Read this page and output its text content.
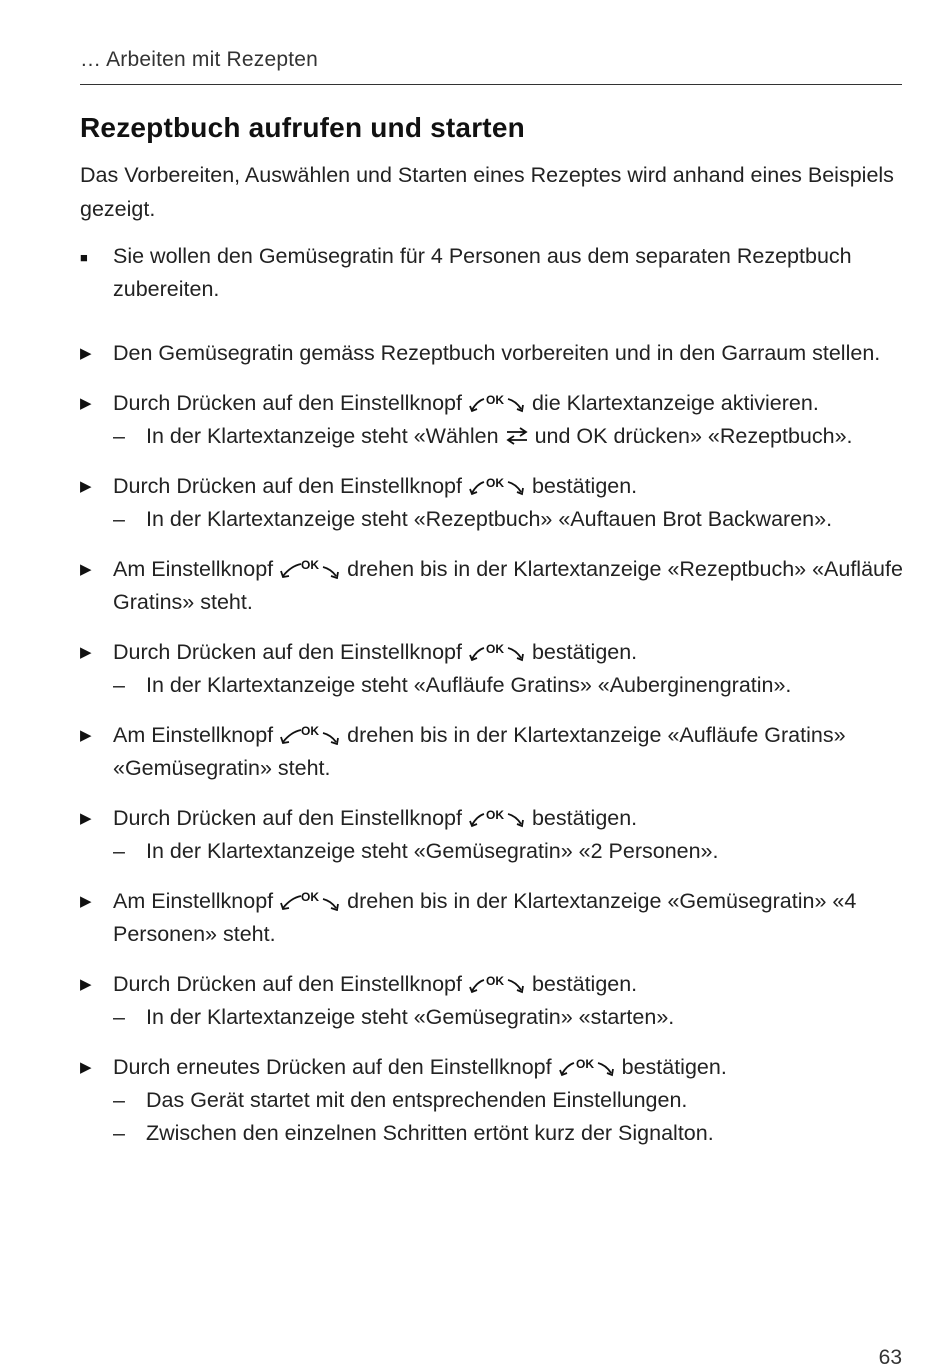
… Arbeiten mit Rezepten
Rezeptbuch aufrufen und starten

Das Vorbereiten, Auswählen und Starten eines Rezeptes wird anhand eines Beispiels gezeigt.

■ Sie wollen den Gemüsegratin für 4 Personen aus dem separaten Rezeptbuch zubereiten.
▶ Den Gemüsegratin gemäss Rezeptbuch vorbereiten und in den Garraum stellen.
▶ Durch Drücken auf den Einstellknopf OK die Klartextanzeige aktivieren.
– In der Klartextanzeige steht «Wählen und OK drücken» «Rezeptbuch».
▶ Durch Drücken auf den Einstellknopf OK bestätigen.
– In der Klartextanzeige steht «Rezeptbuch» «Auftauen Brot Backwaren».
▶ Am Einstellknopf OK drehen bis in der Klartextanzeige «Rezeptbuch» «Aufläufe Gratins» steht.
▶ Durch Drücken auf den Einstellknopf OK bestätigen.
– In der Klartextanzeige steht «Aufläufe Gratins» «Auberginengratin».
▶ Am Einstellknopf OK drehen bis in der Klartextanzeige «Aufläufe Gratins» «Gemüsegratin» steht.
▶ Durch Drücken auf den Einstellknopf OK bestätigen.
– In der Klartextanzeige steht «Gemüsegratin» «2 Personen».
▶ Am Einstellknopf OK drehen bis in der Klartextanzeige «Gemüsegratin» «4 Personen» steht.
▶ Durch Drücken auf den Einstellknopf OK bestätigen.
– In der Klartextanzeige steht «Gemüsegratin» «starten».
▶ Durch erneutes Drücken auf den Einstellknopf OK bestätigen.
– Das Gerät startet mit den entsprechenden Einstellungen.
– Zwischen den einzelnen Schritten ertönt kurz der Signalton.
63
